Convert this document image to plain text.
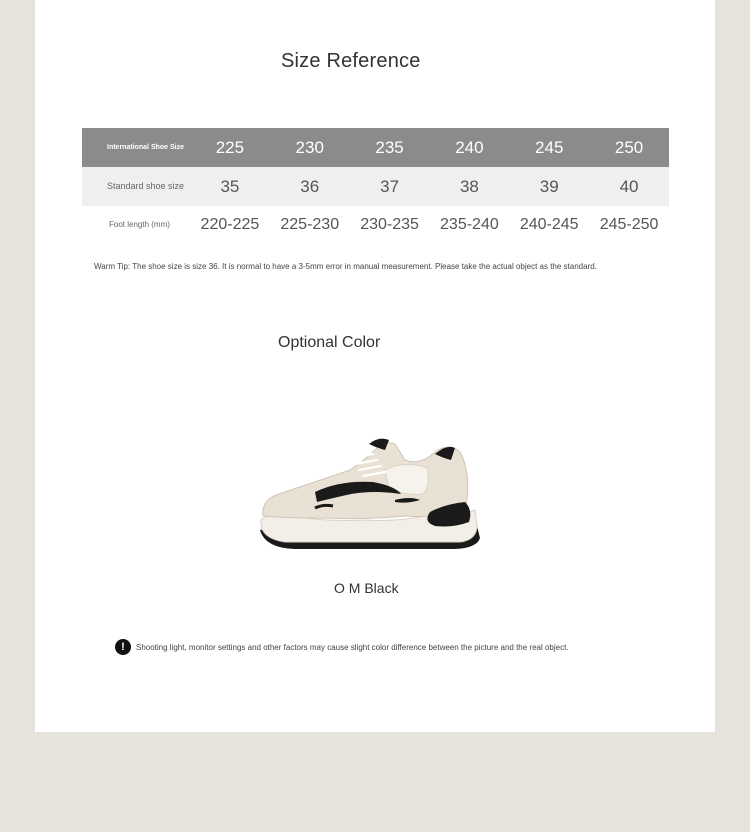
Size Reference
International Shoe Size	225	230	235	240	245	250
Standard shoe size	35	36	37	38	39	40
Foot length (mm)	220-225	225-230	230-235	235-240	240-245	245-250
Warm Tip: The shoe size is size 36. It is normal to have a 3-5mm error in manual measurement. Please take the actual object as the standard.
Optional Color
O M Black
!	Shooting light, monitor settings and other factors may cause slight color difference between the picture and the real object.
